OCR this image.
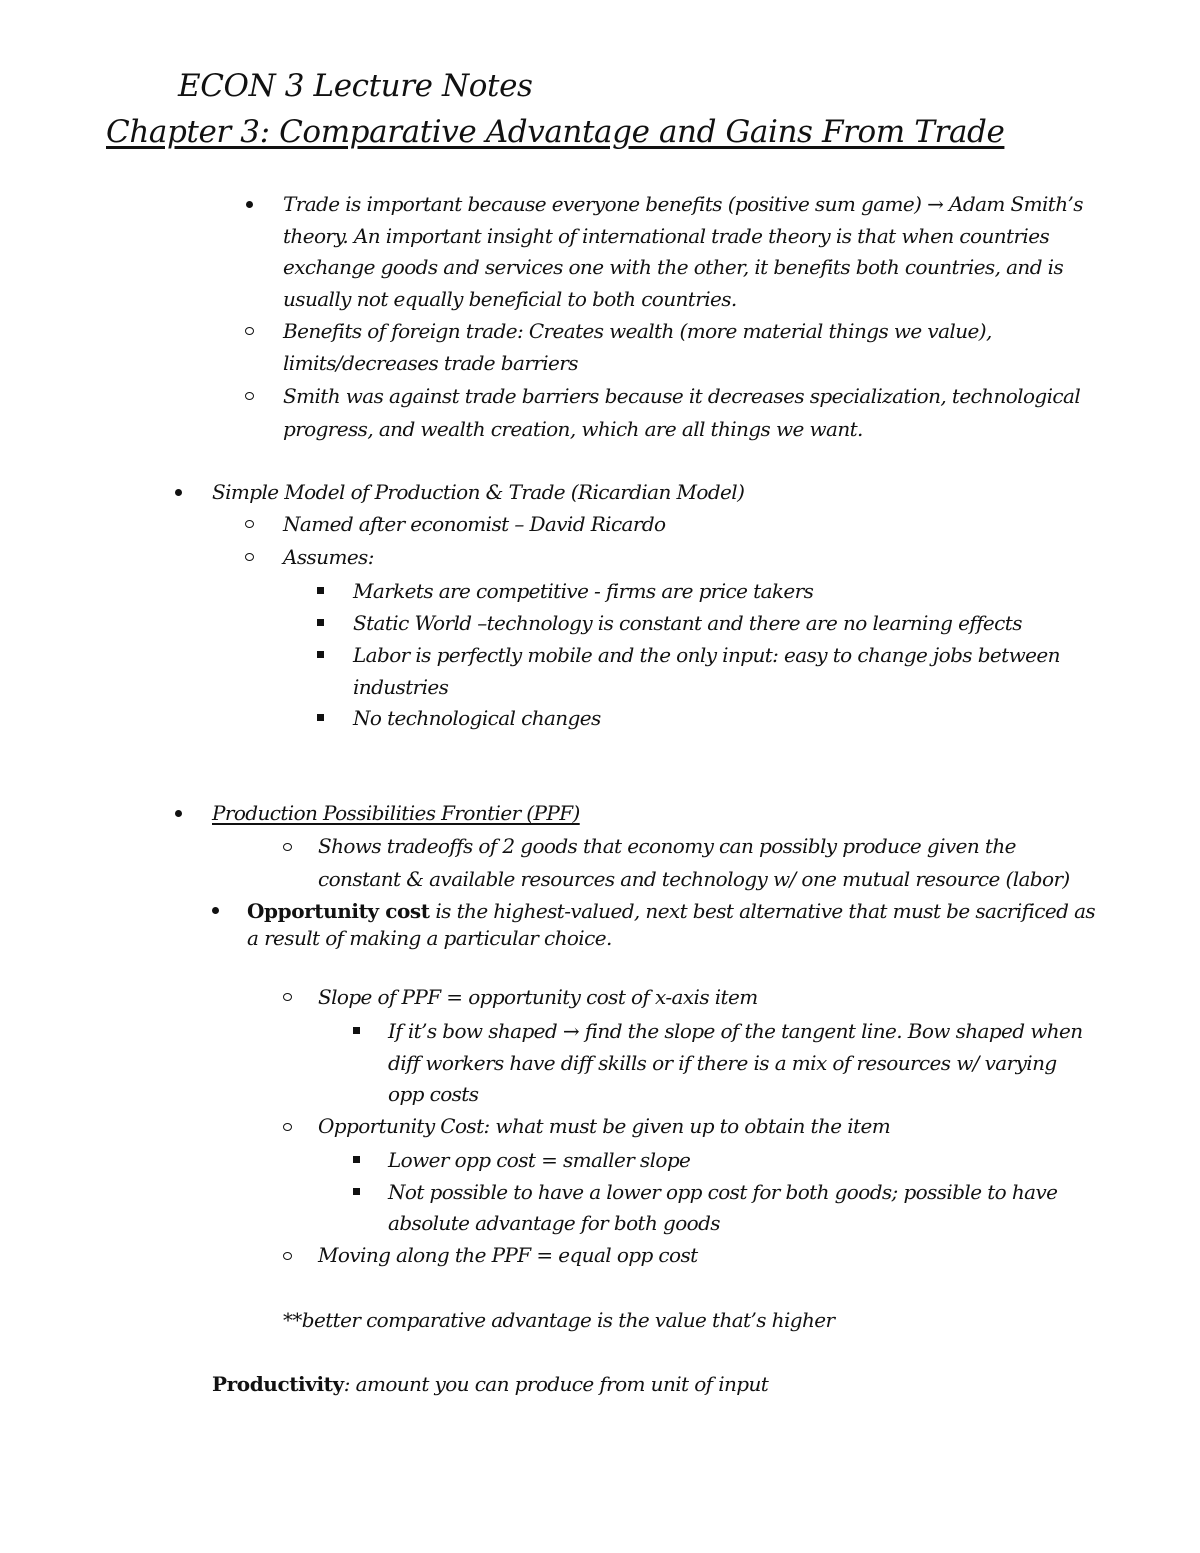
ECON 3 Lecture Notes
Chapter 3: Comparative Advantage and Gains From Trade
Trade is important because everyone benefits (positive sum game) → Adam Smith’s
theory. An important insight of international trade theory is that when countries
exchange goods and services one with the other, it benefits both countries, and is
usually not equally beneficial to both countries.
Benefits of foreign trade: Creates wealth (more material things we value),
limits/decreases trade barriers
Smith was against trade barriers because it decreases specialization, technological
progress, and wealth creation, which are all things we want.
Simple Model of Production & Trade (Ricardian Model)
Named after economist – David Ricardo
Assumes:
Markets are competitive - firms are price takers
Static World –technology is constant and there are no learning effects
Labor is perfectly mobile and the only input: easy to change jobs between
industries
No technological changes
Production Possibilities Frontier (PPF)
Shows tradeoffs of 2 goods that economy can possibly produce given the
constant & available resources and technology w/ one mutual resource (labor)
Opportunity cost is the highest-valued, next best alternative that must be sacrificed as
a result of making a particular choice.
Slope of PPF = opportunity cost of x-axis item
If it’s bow shaped → find the slope of the tangent line. Bow shaped when
diff workers have diff skills or if there is a mix of resources w/ varying
opp costs
Opportunity Cost: what must be given up to obtain the item
Lower opp cost = smaller slope
Not possible to have a lower opp cost for both goods; possible to have
absolute advantage for both goods
Moving along the PPF = equal opp cost
**better comparative advantage is the value that’s higher
Productivity: amount you can produce from unit of input
